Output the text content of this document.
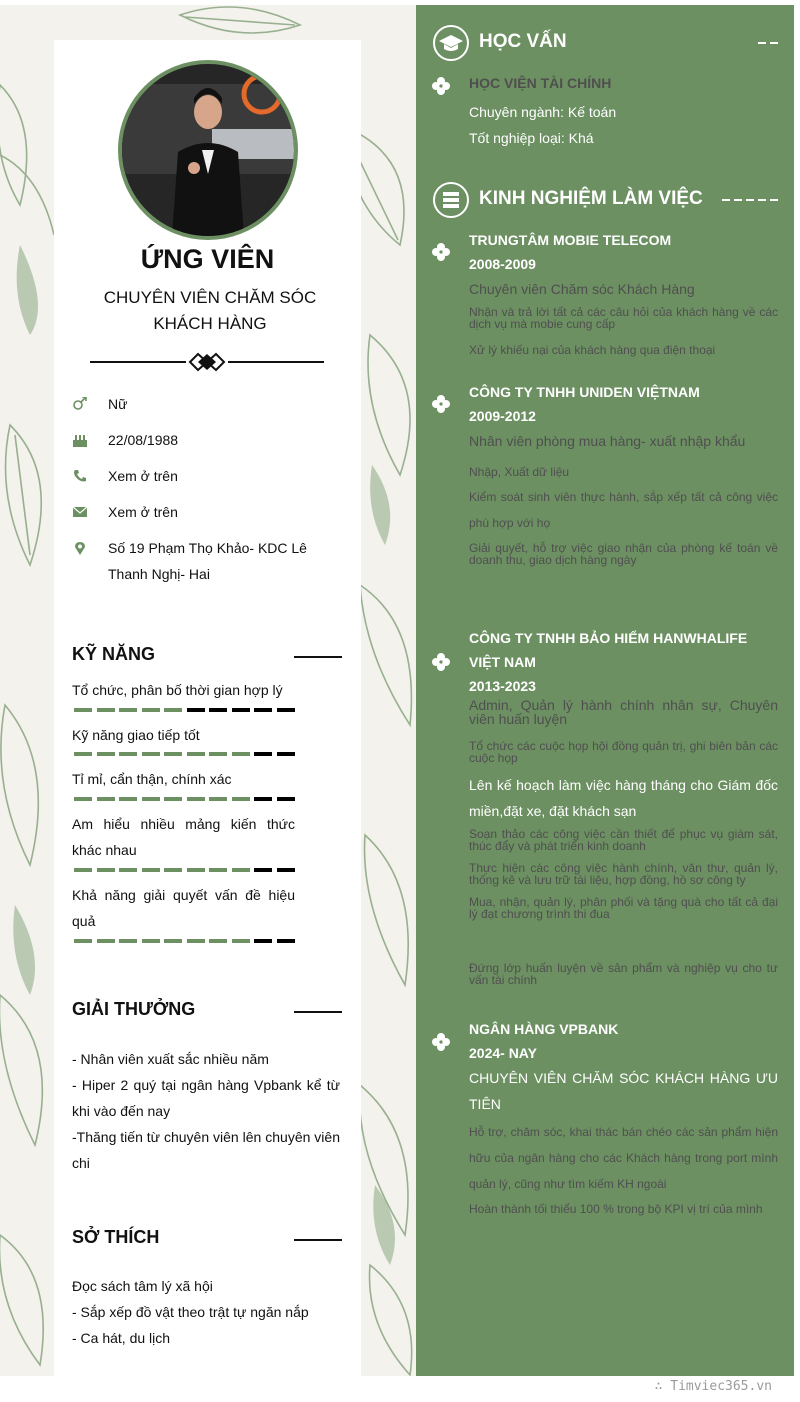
ỨNG VIÊN
CHUYÊN VIÊN CHĂM SÓC KHÁCH HÀNG
Nữ
22/08/1988
Xem ở trên
Xem ở trên
Số 19 Phạm Thọ Khảo- KDC Lê Thanh Nghị- Hai
KỸ NĂNG
Tổ chức, phân bố thời gian hợp lý
Kỹ năng giao tiếp tốt
Tỉ mỉ, cẩn thận, chính xác
Am hiểu nhiều mảng kiến thức khác nhau
Khả năng giải quyết vấn đề hiệu quả
GIẢI THƯỞNG
- Nhân viên xuất sắc nhiều năm
- Hiper 2 quý tại ngân hàng Vpbank kể từ khi vào đến nay
-Thăng tiến từ chuyên viên lên chuyên viên chi
SỞ THÍCH
Đọc sách tâm lý xã hội
- Sắp xếp đồ vật theo trật tự ngăn nắp
- Ca hát, du lịch
HỌC VẤN
HỌC VIỆN TÀI CHÍNH
Chuyên ngành: Kế toán
Tốt nghiệp loại: Khá
KINH NGHIỆM LÀM VIỆC
TRUNGTÂM MOBIE TELECOM
2008-2009
Chuyên viên Chăm sóc Khách Hàng
Nhận và trả lời tất cả các câu hỏi của khách hàng về các dịch vụ mà mobie cung cấp
Xử lý khiếu nại của khách hàng qua điện thoại
CÔNG TY TNHH UNIDEN VIỆTNAM
2009-2012
Nhân viên phòng mua hàng- xuất nhập khẩu
Nhập, Xuất dữ liệu
Kiểm soát sinh viên thực hành, sắp xếp tất cả công việc phù hợp với họ
Giải quyết, hỗ trợ việc giao nhận của phòng kế toán về doanh thu, giao dịch hàng ngày
CÔNG TY TNHH BẢO HIỂM HANWHALIFE VIỆT NAM
2013-2023
Admin, Quản lý hành chính nhân sự, Chuyên viên huấn luyện
Tổ chức các cuộc họp hội đồng quản trị, ghi biên bản các cuộc họp
Lên kế hoạch làm việc hàng tháng cho Giám đốc miền,đặt xe, đặt khách sạn
Soạn thảo các công việc cần thiết để phục vụ giám sát, thúc đẩy và phát triển kinh doanh
Thực hiện các công việc hành chính, văn thư, quản lý, thống kê và lưu trữ tài liệu, hợp đồng, hồ sơ công ty
Mua, nhận, quản lý, phân phối và tặng quà cho tất cả đại lý đạt chương trình thi đua
Đứng lớp huấn luyện về sản phẩm và nghiệp vụ cho tư vấn tài chính
NGÂN HÀNG VPBANK
2024- NAY
CHUYÊN VIÊN CHĂM SÓC KHÁCH HÀNG ƯU TIÊN
Hỗ trợ, chăm sóc, khai thác bán chéo các sản phẩm hiện hữu của ngân hàng cho các Khách hàng trong port mình quản lý, cũng như tìm kiếm KH ngoài
Hoàn thành tối thiểu 100 % trong bộ KPI vị trí của mình
∴ Timviec365.vn
